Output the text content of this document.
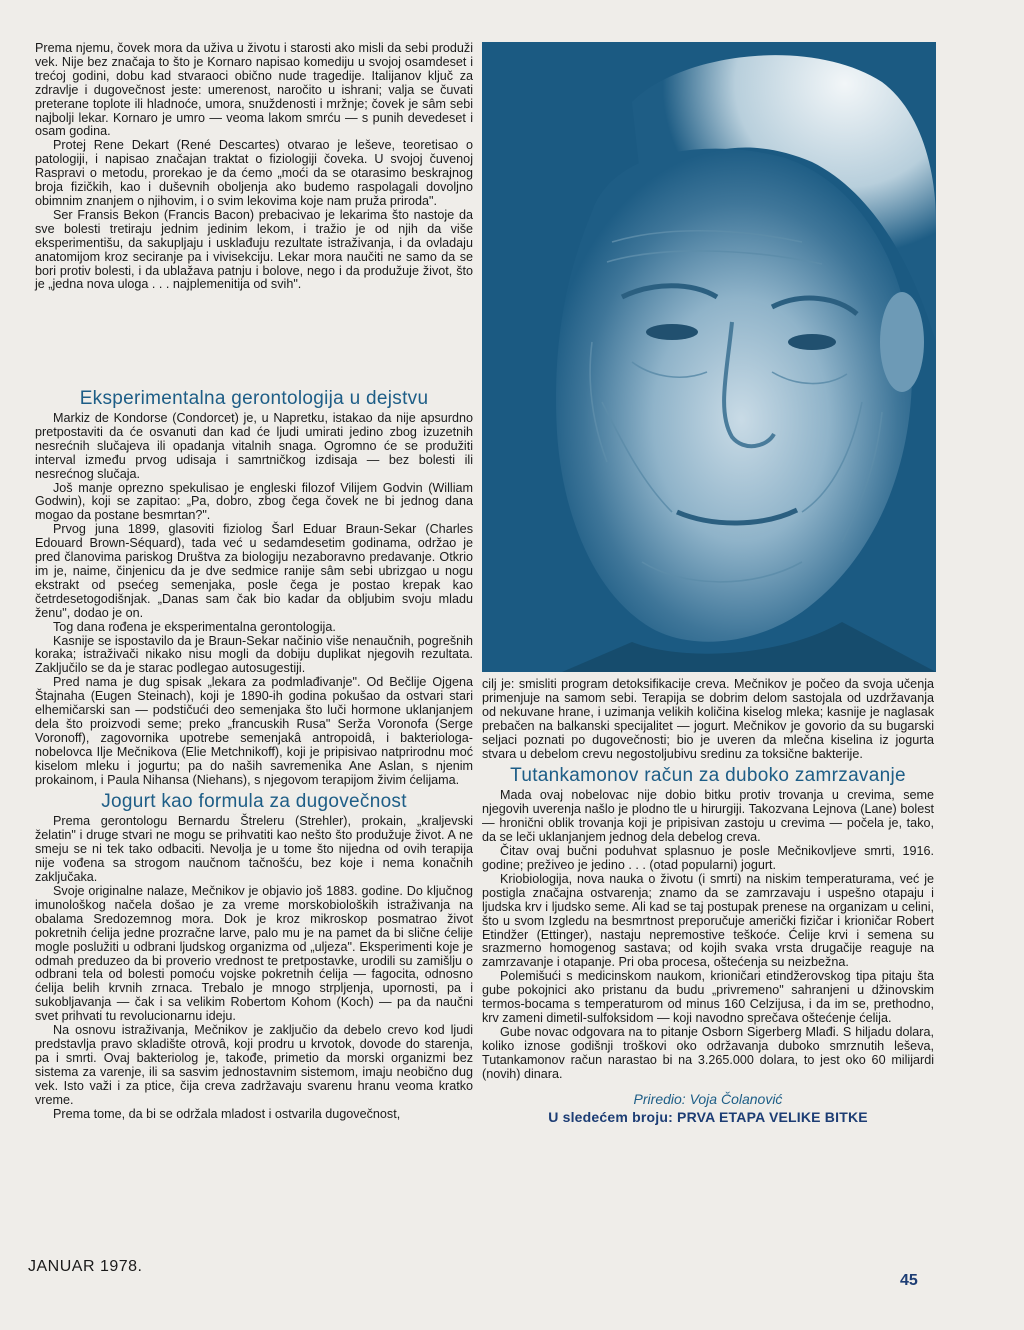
Prema njemu, čovek mora da uživa u životu i starosti ako misli da sebi produži vek. Nije bez značaja to što je Kornaro napisao komediju u svojoj osamdeset i trećoj godini, dobu kad stvaraoci obično nude tragedije. Italijanov ključ za zdravlje i dugovečnost jeste: umerenost, naročito u ishrani; valja se čuvati preterane toplote ili hladnoće, umora, snuždenosti i mržnje; čovek je sâm sebi najbolji lekar. Kornaro je umro — veoma lakom smrću — s punih devedeset i osam godina.

Protej Rene Dekart (René Descartes) otvarao je leševe, teoretisao o patologiji, i napisao značajan traktat o fiziologiji čoveka. U svojoj čuvenoj Raspravi o metodu, prorekao je da ćemo „moći da se otarasimo beskrajnog broja fizičkih, kao i duševnih oboljenja ako budemo raspolagali dovoljno obimnim znanjem o njihovim, i o svim lekovima koje nam pruža priroda".

Ser Fransis Bekon (Francis Bacon) prebacivao je lekarima što nastoje da sve bolesti tretiraju jednim jedinim lekom, i tražio je od njih da više eksperimentišu, da sakupljaju i usklađuju rezultate istraživanja, i da ovladaju anatomijom kroz seciranje pa i vivisekciju. Lekar mora naučiti ne samo da se bori protiv bolesti, i da ublažava patnju i bolove, nego i da produžuje život, što je „jedna nova uloga . . . najplemenitija od svih".

Eksperimentalna gerontologija u dejstvu

Markiz de Kondorse (Condorcet) je, u Napretku, istakao da nije apsurdno pretpostaviti da će osvanuti dan kad će ljudi umirati jedino zbog izuzetnih nesrećnih slučajeva ili opadanja vitalnih snaga. Ogromno će se produžiti interval između prvog udisaja i samrtničkog izdisaja — bez bolesti ili nesrećnog slučaja.

Još manje oprezno spekulisao je engleski filozof Vilijem Godvin (William Godwin), koji se zapitao: „Pa, dobro, zbog čega čovek ne bi jednog dana mogao da postane besmrtan?".

Prvog juna 1899, glasoviti fiziolog Šarl Eduar Braun-Sekar (Charles Edouard Brown-Séquard), tada već u sedamdesetim godinama, održao je pred članovima pariskog Društva za biologiju nezaboravno predavanje. Otkrio im je, naime, činjenicu da je dve sedmice ranije sâm sebi ubrizgao u nogu ekstrakt od psećeg semenjaka, posle čega je postao krepak kao četrdesetogodišnjak. „Danas sam čak bio kadar da obljubim svoju mladu ženu", dodao je on.

Tog dana rođena je eksperimentalna gerontologija.

Kasnije se ispostavilo da je Braun-Sekar načinio više nenaučnih, pogrešnih koraka; istraživači nikako nisu mogli da dobiju duplikat njegovih rezultata. Zaključilo se da je starac podlegao autosugestiji.

Pred nama je dug spisak „lekara za podmlađivanje". Od Bečlije Ojgena Štajnaha (Eugen Steinach), koji je 1890-ih godina pokušao da ostvari stari elhemičarski san — podstičući deo semenjaka što luči hormone uklanjanjem dela što proizvodi seme; preko „francuskih Rusa" Serža Voronofa (Serge Voronoff), zagovornika upotrebe semenjakâ antropoidâ, i bakteriologa-nobelovca Ilje Mečnikova (Elie Metchnikoff), koji je pripisivao natprirodnu moć kiselom mleku i jogurtu; pa do naših savremenika Ane Aslan, s njenim prokainom, i Paula Nihansa (Niehans), s njegovom terapijom živim ćelijama.

Jogurt kao formula za dugovečnost

Prema gerontologu Bernardu Štreleru (Strehler), prokain, „kraljevski želatin" i druge stvari ne mogu se prihvatiti kao nešto što produžuje život. A ne smeju se ni tek tako odbaciti. Nevolja je u tome što nijedna od ovih terapija nije vođena sa strogom naučnom tačnošću, bez koje i nema konačnih zaključaka.

Svoje originalne nalaze, Mečnikov je objavio još 1883. godine. Do ključnog imunološkog načela došao je za vreme morskobioloških istraživanja na obalama Sredozemnog mora. Dok je kroz mikroskop posmatrao život pokretnih ćelija jedne prozračne larve, palo mu je na pamet da bi slične ćelije mogle poslužiti u odbrani ljudskog organizma od „uljeza". Eksperimenti koje je odmah preduzeo da bi proverio vrednost te pretpostavke, urodili su zamišlju o odbrani tela od bolesti pomoću vojske pokretnih ćelija — fagocita, odnosno ćelija belih krvnih zrnaca. Trebalo je mnogo strpljenja, upornosti, pa i sukobljavanja — čak i sa velikim Robertom Kohom (Koch) — pa da naučni svet prihvati tu revolucionarnu ideju.

Na osnovu istraživanja, Mečnikov je zaključio da debelo crevo kod ljudi predstavlja pravo skladište otrovâ, koji prodru u krvotok, dovode do starenja, pa i smrti. Ovaj bakteriolog je, takođe, primetio da morski organizmi bez sistema za varenje, ili sa sasvim jednostavnim sistemom, imaju neobično dug vek. Isto važi i za ptice, čija creva zadržavaju svarenu hranu veoma kratko vreme.

Prema tome, da bi se održala mladost i ostvarila dugovečnost,

cilj je: smisliti program detoksifikacije creva. Mečnikov je počeo da svoja učenja primenjuje na samom sebi. Terapija se dobrim delom sastojala od uzdržavanja od nekuvane hrane, i uzimanja velikih količina kiselog mleka; kasnije je naglasak prebačen na balkanski specijalitet — jogurt. Mečnikov je govorio da su bugarski seljaci poznati po dugovečnosti; bio je uveren da mlečna kiselina iz jogurta stvara u debelom crevu negostoljubivu sredinu za toksične bakterije.

Tutankamonov račun za duboko zamrzavanje

Mada ovaj nobelovac nije dobio bitku protiv trovanja u crevima, seme njegovih uverenja našlo je plodno tle u hirurgiji. Takozvana Lejnova (Lane) bolest — hronični oblik trovanja koji je pripisivan zastoju u crevima — počela je, tako, da se leči uklanjanjem jednog dela debelog creva.

Čitav ovaj bučni poduhvat splasnuo je posle Mečnikovljeve smrti, 1916. godine; preživeo je jedino . . . (otad popularni) jogurt.

Kriobiologija, nova nauka o životu (i smrti) na niskim temperaturama, već je postigla značajna ostvarenja; znamo da se zamrzavaju i uspešno otapaju i ljudska krv i ljudsko seme. Ali kad se taj postupak prenese na organizam u celini, što u svom Izgledu na besmrtnost preporučuje američki fizičar i krioničar Robert Etindžer (Ettinger), nastaju nepremostive teškoće. Ćelije krvi i semena su srazmerno homogenog sastava; od kojih svaka vrsta drugačije reaguje na zamrzavanje i otapanje. Pri oba procesa, oštećenja su neizbežna.

Polemišući s medicinskom naukom, krioničari etindžerovskog tipa pitaju šta gube pokojnici ako pristanu da budu „privremeno" sahranjeni u džinovskim termos-bocama s temperaturom od minus 160 Celzijusa, i da im se, prethodno, krv zameni dimetil-sulfoksidom — koji navodno sprečava oštećenje ćelija.

Gube novac odgovara na to pitanje Osborn Sigerberg Mlađi. S hiljadu dolara, koliko iznose godišnji troškovi oko održavanja duboko smrznutih leševa, Tutankamonov račun narastao bi na 3.265.000 dolara, to jest oko 60 milijardi (novih) dinara.

Priredio: Voja Čolanović
U sledećem broju: PRVA ETAPA VELIKE BITKE
JANUAR 1978.
45
